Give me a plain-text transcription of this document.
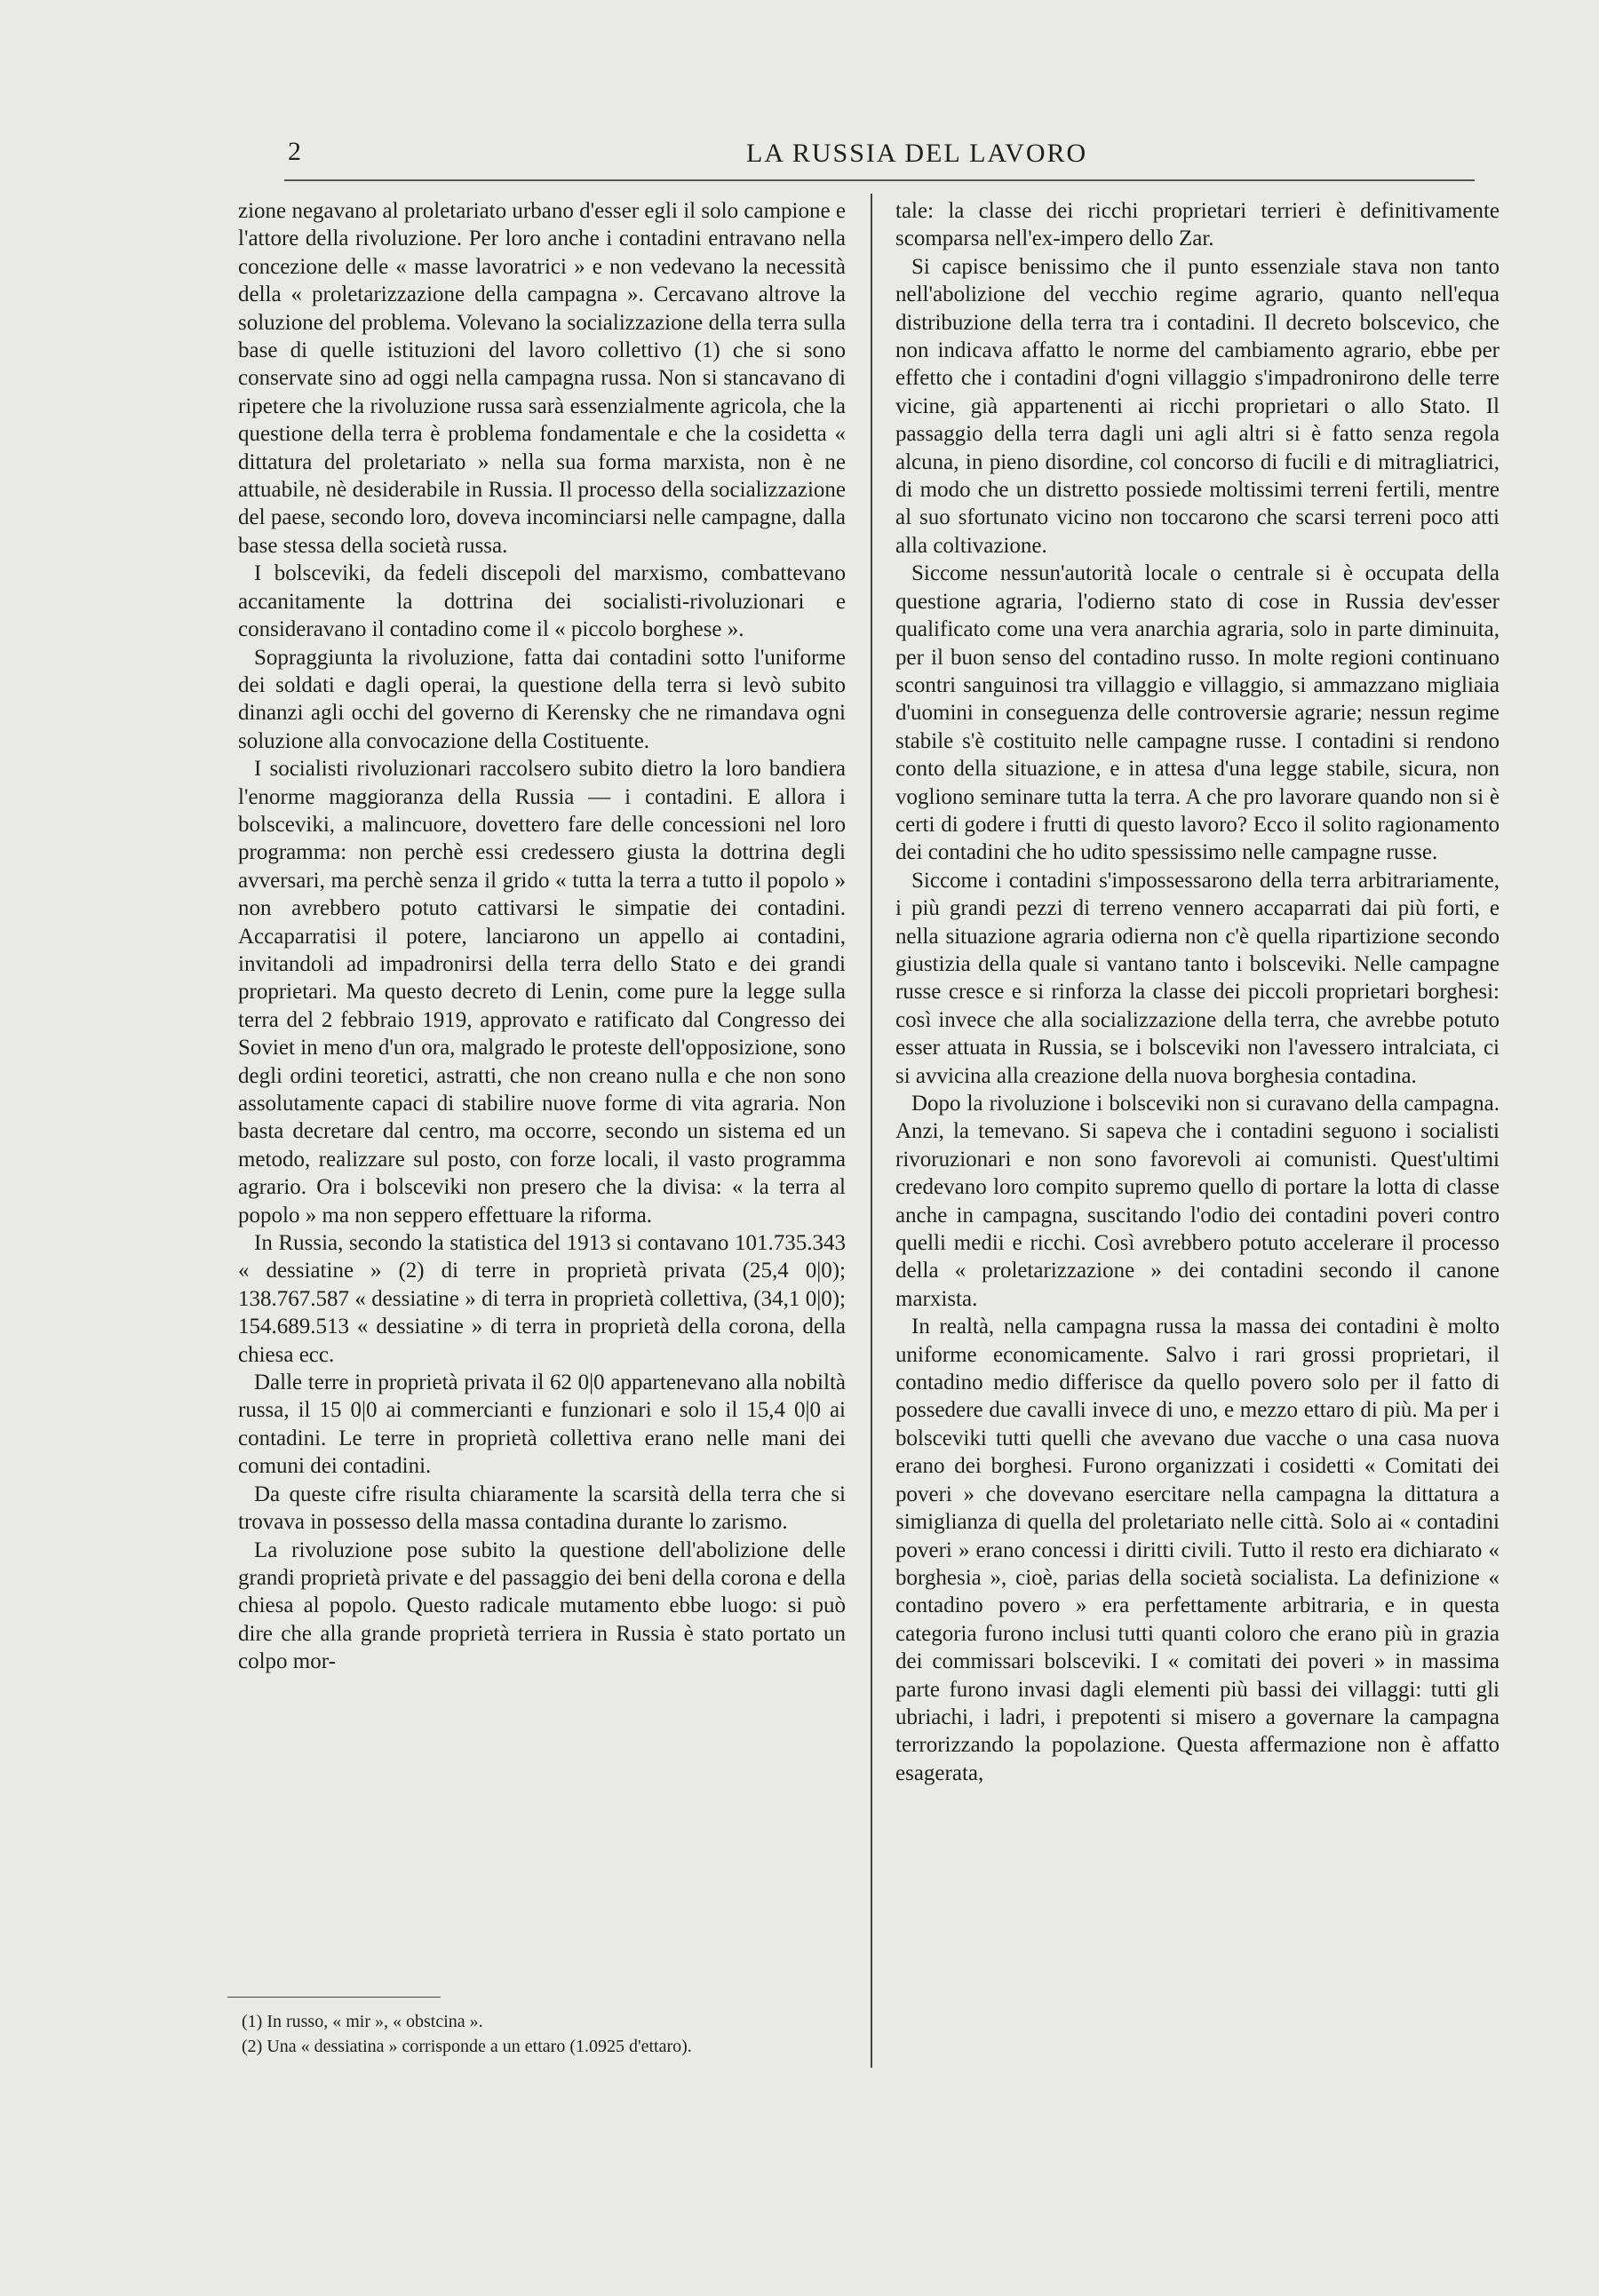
2	LA RUSSIA DEL LAVORO

zione negavano al proletariato urbano d'esser egli il solo campione e l'attore della rivoluzione. Per loro anche i contadini entravano nella concezione delle « masse lavoratrici » e non vedevano la necessità della « proletarizzazione della campagna ». Cercavano altrove la soluzione del problema. Volevano la socializzazione della terra sulla base di quelle istituzioni del lavoro collettivo (1) che si sono conservate sino ad oggi nella campagna russa. Non si stancavano di ripetere che la rivoluzione russa sarà essenzialmente agricola, che la questione della terra è problema fondamentale e che la cosidetta « dittatura del proletariato » nella sua forma marxista, non è ne attuabile, nè desiderabile in Russia. Il processo della socializzazione del paese, secondo loro, doveva incominciarsi nelle campagne, dalla base stessa della società russa.

I bolsceviki, da fedeli discepoli del marxismo, combattevano accanitamente la dottrina dei socialisti-rivoluzionari e consideravano il contadino come il « piccolo borghese ».

Sopraggiunta la rivoluzione, fatta dai contadini sotto l'uniforme dei soldati e dagli operai, la questione della terra si levò subito dinanzi agli occhi del governo di Kerensky che ne rimandava ogni soluzione alla convocazione della Costituente.

I socialisti rivoluzionari raccolsero subito dietro la loro bandiera l'enorme maggioranza della Russia — i contadini. E allora i bolsceviki, a malincuore, dovettero fare delle concessioni nel loro programma: non perchè essi credessero giusta la dottrina degli avversari, ma perchè senza il grido « tutta la terra a tutto il popolo » non avrebbero potuto cattivarsi le simpatie dei contadini. Accaparratisi il potere, lanciarono un appello ai contadini, invitandoli ad impadronirsi della terra dello Stato e dei grandi proprietari. Ma questo decreto di Lenin, come pure la legge sulla terra del 2 febbraio 1919, approvato e ratificato dal Congresso dei Soviet in meno d'un ora, malgrado le proteste dell'opposizione, sono degli ordini teoretici, astratti, che non creano nulla e che non sono assolutamente capaci di stabilire nuove forme di vita agraria. Non basta decretare dal centro, ma occorre, secondo un sistema ed un metodo, realizzare sul posto, con forze locali, il vasto programma agrario. Ora i bolsceviki non presero che la divisa: « la terra al popolo » ma non seppero effettuare la riforma.

In Russia, secondo la statistica del 1913 si contavano 101.735.343 « dessiatine » (2) di terre in proprietà privata (25,4 0|0); 138.767.587 « dessiatine » di terra in proprietà collettiva, (34,1 0|0); 154.689.513 « dessiatine » di terra in proprietà della corona, della chiesa ecc.

Dalle terre in proprietà privata il 62 0|0 appartenevano alla nobiltà russa, il 15 0|0 ai commercianti e funzionari e solo il 15,4 0|0 ai contadini. Le terre in proprietà collettiva erano nelle mani dei comuni dei contadini.

Da queste cifre risulta chiaramente la scarsità della terra che si trovava in possesso della massa contadina durante lo zarismo.

La rivoluzione pose subito la questione dell'abolizione delle grandi proprietà private e del passaggio dei beni della corona e della chiesa al popolo. Questo radicale mutamento ebbe luogo: si può dire che alla grande proprietà terriera in Russia è stato portato un colpo mor-

tale: la classe dei ricchi proprietari terrieri è definitivamente scomparsa nell'ex-impero dello Zar.

Si capisce benissimo che il punto essenziale stava non tanto nell'abolizione del vecchio regime agrario, quanto nell'equa distribuzione della terra tra i contadini. Il decreto bolscevico, che non indicava affatto le norme del cambiamento agrario, ebbe per effetto che i contadini d'ogni villaggio s'impadronirono delle terre vicine, già appartenenti ai ricchi proprietari o allo Stato. Il passaggio della terra dagli uni agli altri si è fatto senza regola alcuna, in pieno disordine, col concorso di fucili e di mitragliatrici, di modo che un distretto possiede moltissimi terreni fertili, mentre al suo sfortunato vicino non toccarono che scarsi terreni poco atti alla coltivazione.

Siccome nessun'autorità locale o centrale si è occupata della questione agraria, l'odierno stato di cose in Russia dev'esser qualificato come una vera anarchia agraria, solo in parte diminuita, per il buon senso del contadino russo. In molte regioni continuano scontri sanguinosi tra villaggio e villaggio, si ammazzano migliaia d'uomini in conseguenza delle controversie agrarie; nessun regime stabile s'è costituito nelle campagne russe. I contadini si rendono conto della situazione, e in attesa d'una legge stabile, sicura, non vogliono seminare tutta la terra. A che pro lavorare quando non si è certi di godere i frutti di questo lavoro? Ecco il solito ragionamento dei contadini che ho udito spessissimo nelle campagne russe.

Siccome i contadini s'impossessarono della terra arbitrariamente, i più grandi pezzi di terreno vennero accaparrati dai più forti, e nella situazione agraria odierna non c'è quella ripartizione secondo giustizia della quale si vantano tanto i bolsceviki. Nelle campagne russe cresce e si rinforza la classe dei piccoli proprietari borghesi: così invece che alla socializzazione della terra, che avrebbe potuto esser attuata in Russia, se i bolsceviki non l'avessero intralciata, ci si avvicina alla creazione della nuova borghesia contadina.

Dopo la rivoluzione i bolsceviki non si curavano della campagna. Anzi, la temevano. Si sapeva che i contadini seguono i socialisti rivoruzionari e non sono favorevoli ai comunisti. Quest'ultimi credevano loro compito supremo quello di portare la lotta di classe anche in campagna, suscitando l'odio dei contadini poveri contro quelli medii e ricchi. Così avrebbero potuto accelerare il processo della « proletarizzazione » dei contadini secondo il canone marxista.

In realtà, nella campagna russa la massa dei contadini è molto uniforme economicamente. Salvo i rari grossi proprietari, il contadino medio differisce da quello povero solo per il fatto di possedere due cavalli invece di uno, e mezzo ettaro di più. Ma per i bolsceviki tutti quelli che avevano due vacche o una casa nuova erano dei borghesi. Furono organizzati i cosidetti « Comitati dei poveri » che dovevano esercitare nella campagna la dittatura a simiglianza di quella del proletariato nelle città. Solo ai « contadini poveri » erano concessi i diritti civili. Tutto il resto era dichiarato « borghesia », cioè, parias della società socialista. La definizione « contadino povero » era perfettamente arbitraria, e in questa categoria furono inclusi tutti quanti coloro che erano più in grazia dei commissari bolsceviki. I « comitati dei poveri » in massima parte furono invasi dagli elementi più bassi dei villaggi: tutti gli ubriachi, i ladri, i prepotenti si misero a governare la campagna terrorizzando la popolazione. Questa affermazione non è affatto esagerata,

(1) In russo, « mir », « obstcina ».
(2) Una « dessiatina » corrisponde a un ettaro (1.0925 d'ettaro).
